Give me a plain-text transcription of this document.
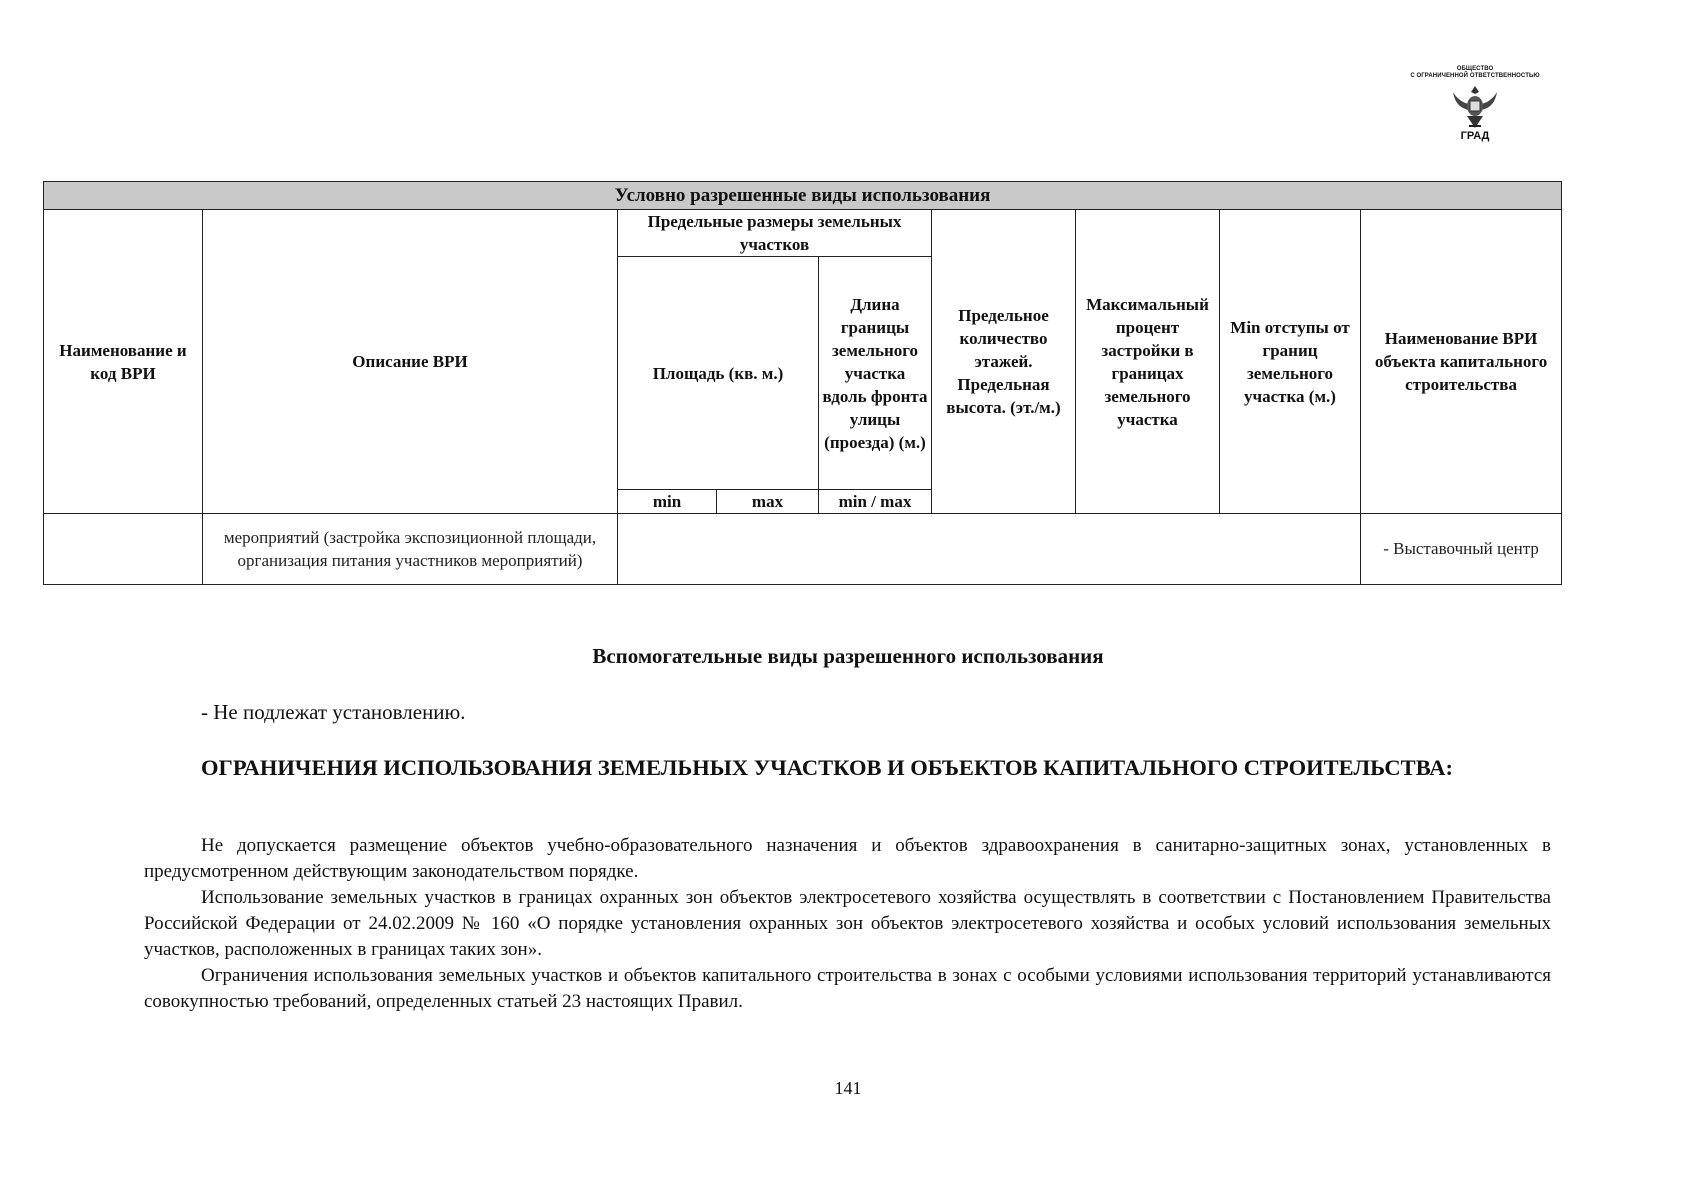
ОБЩЕСТВО
С ОГРАНИЧЕННОЙ ОТВЕТСТВЕННОСТЬЮ
ГРАД
Условно разрешенные виды использования								
Наименование и код ВРИ	Описание ВРИ	Предельные размеры земельных участков			Предельное количество этажей. Предельная высота. (эт./м.)	Максимальный процент застройки в границах земельного участка	Min отступы от границ земельного участка (м.)	Наименование ВРИ объекта капитального строительства
		Площадь (кв. м.)		Длина границы земельного участка вдоль фронта улицы (проезда) (м.)				
		min	max	min / max				
	мероприятий (застройка экспозиционной площади, организация питания участников мероприятий)							- Выставочный центр
Вспомогательные виды разрешенного использования
- Не подлежат установлению.
ОГРАНИЧЕНИЯ ИСПОЛЬЗОВАНИЯ ЗЕМЕЛЬНЫХ УЧАСТКОВ И ОБЪЕКТОВ КАПИТАЛЬНОГО СТРОИТЕЛЬСТВА:

Не допускается размещение объектов учебно-образовательного назначения и объектов здравоохранения в санитарно-защитных зонах, установленных в предусмотренном действующим законодательством порядке.

Использование земельных участков в границах охранных зон объектов электросетевого хозяйства осуществлять в соответствии с Постановлением Правительства Российской Федерации от 24.02.2009 № 160 «О порядке установления охранных зон объектов электросетевого хозяйства и особых условий использования земельных участков, расположенных в границах таких зон».

Ограничения использования земельных участков и объектов капитального строительства в зонах с особыми условиями использования территорий устанавливаются совокупностью требований, определенных статьей 23 настоящих Правил.

141
